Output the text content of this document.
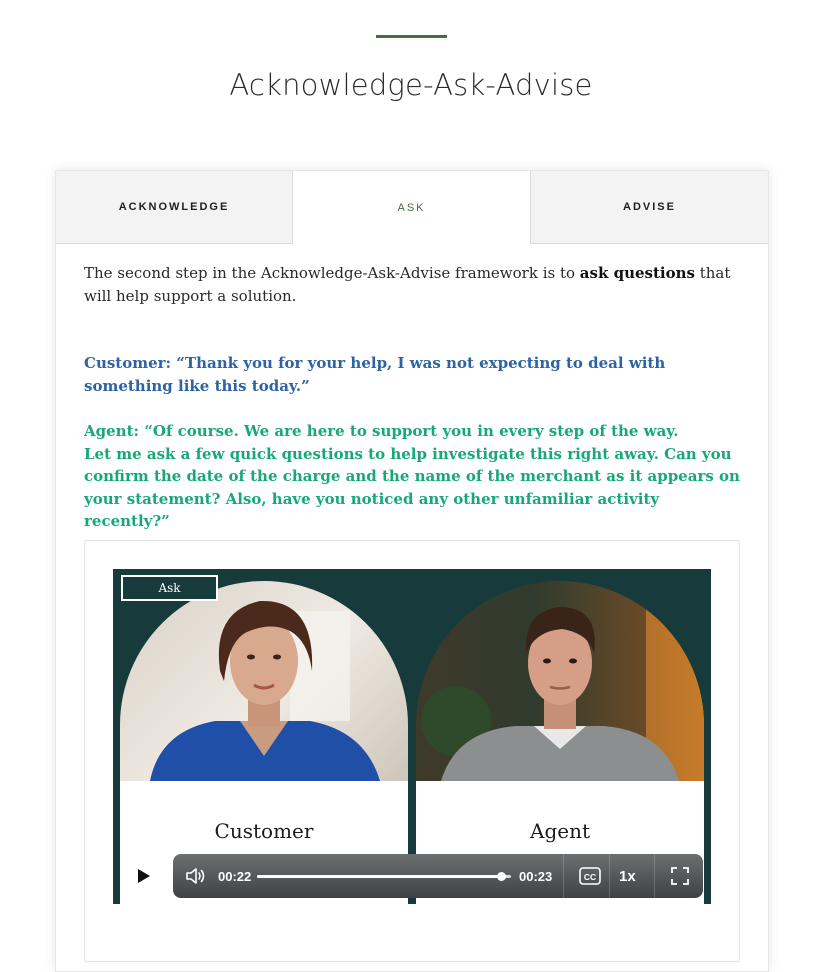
Acknowledge-Ask-Advise
ACKNOWLEDGE	ASK	ADVISE
The second step in the Acknowledge-Ask-Advise framework is to ask questions that will help support a solution.
Customer: “Thank you for your help, I was not expecting to deal with something like this today.”
Agent: “Of course. We are here to support you in every step of the way.
Let me ask a few quick questions to help investigate this right away. Can you confirm the date of the charge and the name of the merchant as it appears on your statement? Also, have you noticed any other unfamiliar activity recently?”
Customer	Agent
Ask
00:22	00:23	CC 1x
